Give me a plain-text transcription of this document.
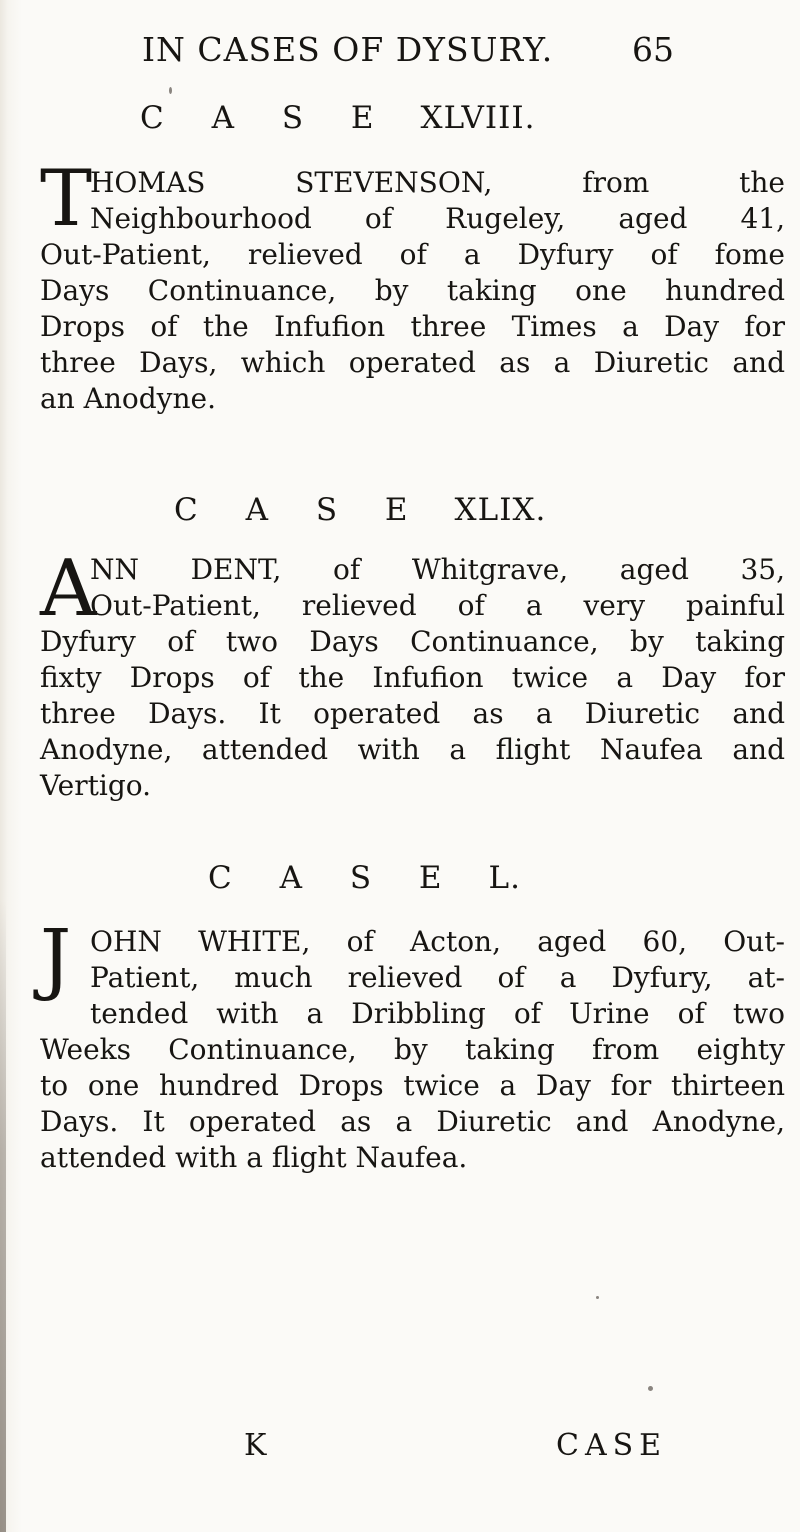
IN CASES OF DYSURY. 65
C A S E XLVIII.
T
HOMAS STEVENSON, from the
Neighbourhood of Rugeley, aged 41,
Out-Patient, relieved of a Dyfury of fome
Days Continuance, by taking one hundred
Drops of the Infufion three Times a Day for
three Days, which operated as a Diuretic and
an Anodyne.
C A S E XLIX.
A
NN DENT, of Whitgrave, aged 35,
Out-Patient, relieved of a very painful
Dyfury of two Days Continuance, by taking
fixty Drops of the Infufion twice a Day for
three Days. It operated as a Diuretic and
Anodyne, attended with a flight Naufea and
Vertigo.
C A S E L.
J OHN WHITE, of Acton, aged 60, Out-
Patient, much relieved of a Dyfury, at-
tended with a Dribbling of Urine of two
Weeks Continuance, by taking from eighty
to one hundred Drops twice a Day for thirteen
Days. It operated as a Diuretic and Anodyne,
attended with a flight Naufea.
K	CASE
